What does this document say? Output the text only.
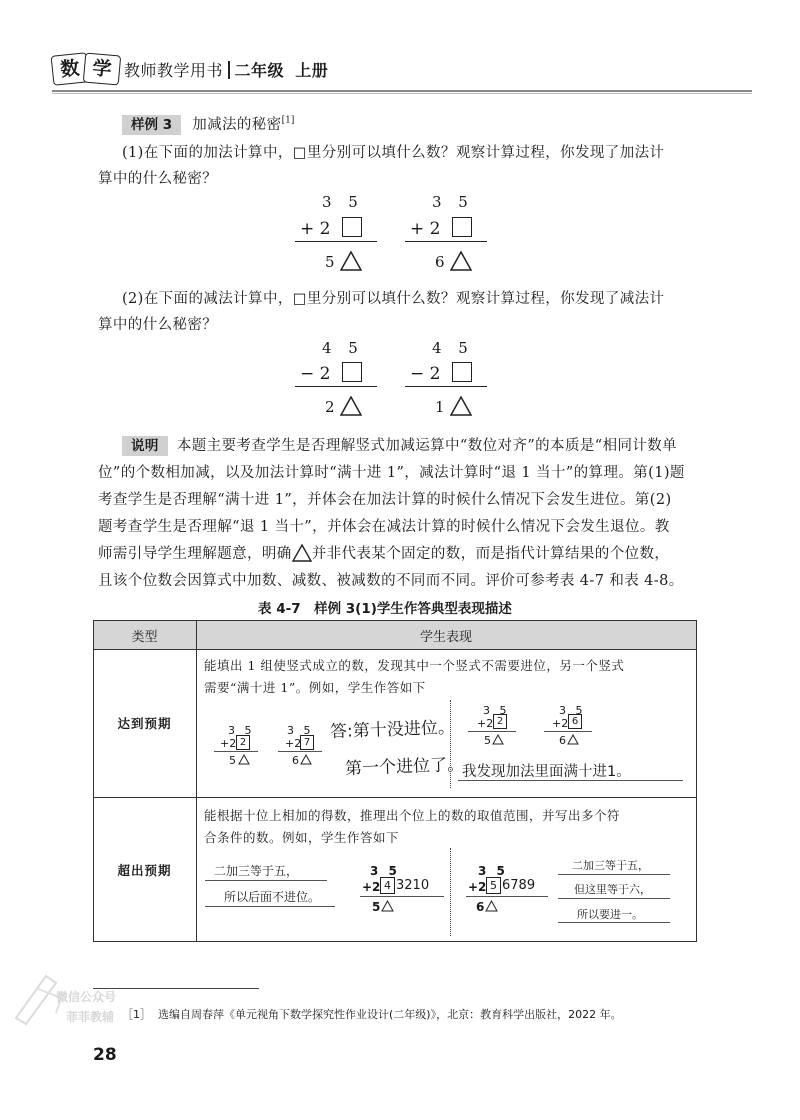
数 学 教师教学用书 二年级 上册
样例 3 加减法的秘密[1]
(1)在下面的加法计算中，□里分别可以填什么数？观察计算过程，你发现了加法计
算中的什么秘密？
3 5
+ 2
5
3 5
+ 2
6
(2)在下面的减法计算中，□里分别可以填什么数？观察计算过程，你发现了减法计
算中的什么秘密？
4 5
− 2
2
4 5
− 2
1
说明 本题主要考查学生是否理解竖式加减运算中“数位对齐”的本质是“相同计数单
位”的个数相加减，以及加法计算时“满十进 1”，减法计算时“退 1 当十”的算理。第(1)题
考查学生是否理解“满十进 1”，并体会在加法计算的时候什么情况下会发生进位。第(2)
题考查学生是否理解“退 1 当十”，并体会在减法计算的时候什么情况下会发生退位。教
师需引导学生理解题意，明确 并非代表某个固定的数，而是指代计算结果的个位数，
且该个位数会因算式中加数、减数、被减数的不同而不同。评价可参考表 4-7 和表 4-8。
表 4-7　样例 3(1)学生作答典型表现描述
类型	学生表现
达到预期
能填出 1 组使竖式成立的数，发现其中一个竖式不需要进位，另一个竖式
需要“满十进 1”。例如，学生作答如下
3 5
+2 2
5
3 5
+2 7
6
答:第十没进位。
第一个进位了。
3 5
+2 2
5
3 5
+2 6
6
我发现加法里面满十进1。
超出预期
能根据十位上相加的得数，推理出个位上的数的取值范围，并写出多个符
合条件的数。例如，学生作答如下
二加三等于五，
所以后面不进位。
3 5
+2 4 3210
5
3 5
+2 5 6789
6
二加三等于五，
但这里等于六，
所以要进一。
微信公众号
菲菲教辅 ［1］ 选编自周春萍《单元视角下数学探究性作业设计(二年级)》，北京：教育科学出版社，2022 年。
28
